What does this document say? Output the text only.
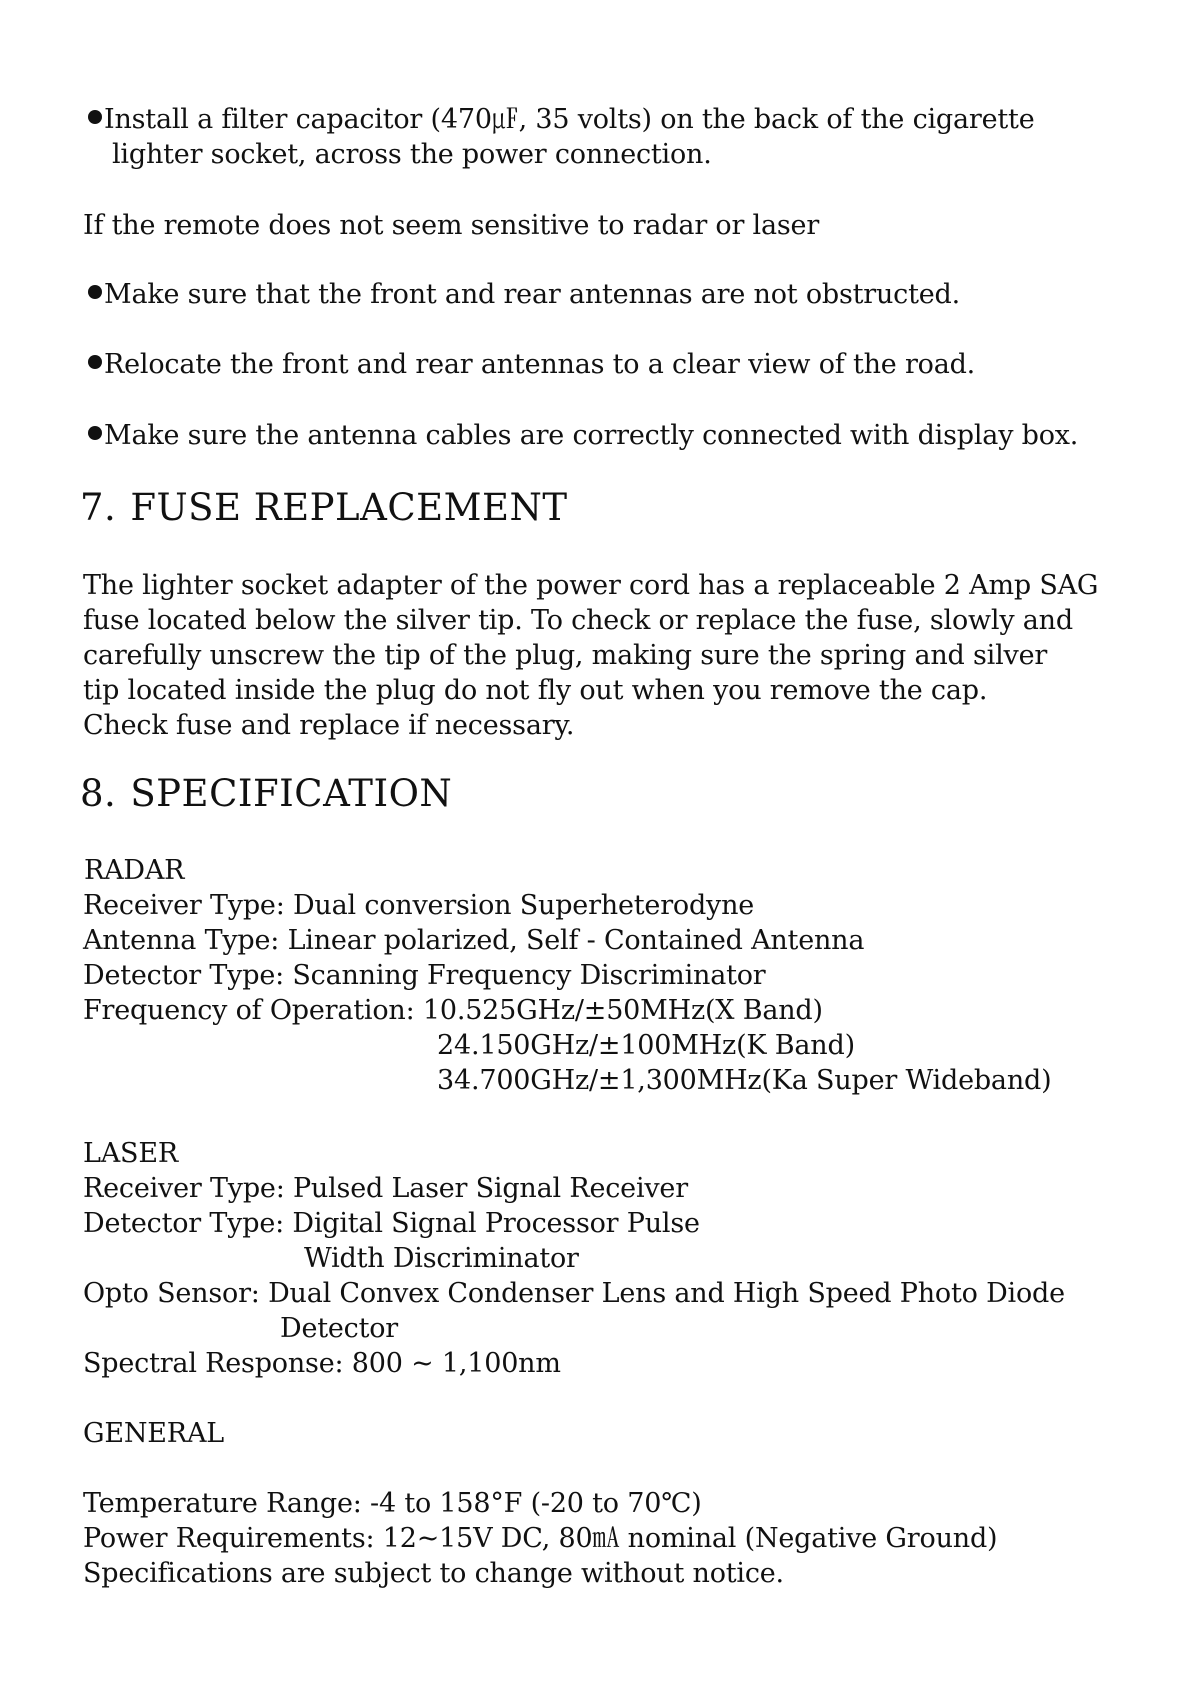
Install a filter capacitor (470㎌, 35 volts) on the back of the cigarette
lighter socket, across the power connection.
If the remote does not seem sensitive to radar or laser
Make sure that the front and rear antennas are not obstructed.
Relocate the front and rear antennas to a clear view of the road.
Make sure the antenna cables are correctly connected with display box.
7. FUSE REPLACEMENT
The lighter socket adapter of the power cord has a replaceable 2 Amp SAG
fuse located below the silver tip. To check or replace the fuse, slowly and
carefully unscrew the tip of the plug, making sure the spring and silver
tip located inside the plug do not fly out when you remove the cap.
Check fuse and replace if necessary.
8. SPECIFICATION
RADAR
Receiver Type: Dual conversion Superheterodyne
Antenna Type: Linear polarized, Self - Contained Antenna
Detector Type: Scanning Frequency Discriminator
Frequency of Operation: 10.525GHz/±50MHz(X Band)
24.150GHz/±100MHz(K Band)
34.700GHz/±1,300MHz(Ka Super Wideband)
LASER
Receiver Type: Pulsed Laser Signal Receiver
Detector Type: Digital Signal Processor Pulse
Width Discriminator
Opto Sensor: Dual Convex Condenser Lens and High Speed Photo Diode
Detector
Spectral Response: 800 ~ 1,100nm
GENERAL
Temperature Range: -4 to 158°F (-20 to 70℃)
Power Requirements: 12~15V DC, 80㎃ nominal (Negative Ground)
Specifications are subject to change without notice.
